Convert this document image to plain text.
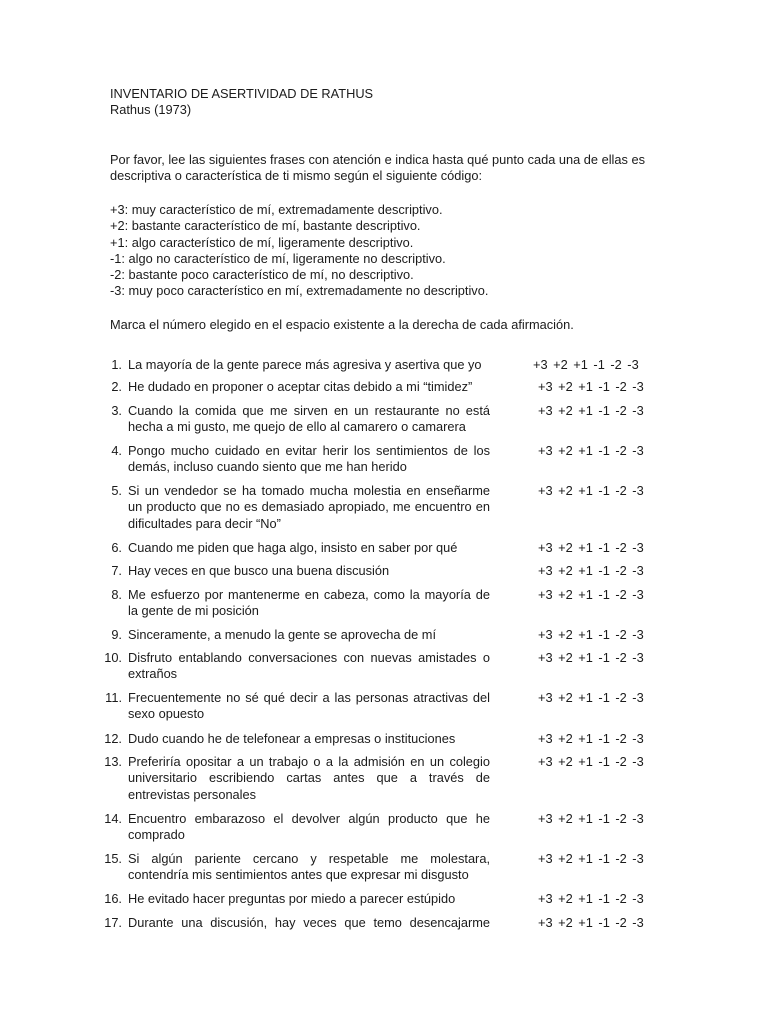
INVENTARIO DE ASERTIVIDAD DE RATHUS
Rathus (1973)

Por favor, lee las siguientes frases con atención e indica hasta qué punto cada una de ellas es descriptiva o característica de ti mismo según el siguiente código:

+3: muy característico de mí, extremadamente descriptivo.
+2: bastante característico de mí, bastante descriptivo.
+1: algo característico de mí, ligeramente descriptivo.
-1: algo no característico de mí, ligeramente no descriptivo.
-2: bastante poco característico de mí, no descriptivo.
-3: muy poco característico en mí, extremadamente no descriptivo.
Marca el número elegido en el espacio existente a la derecha de cada afirmación.
1. La mayoría de la gente parece más agresiva y asertiva que yo	+3 +2 +1 -1 -2 -3
2. He dudado en proponer o aceptar citas debido a mi “timidez”	+3 +2 +1 -1 -2 -3
3. Cuando la comida que me sirven en un restaurante no está hecha a mi gusto, me quejo de ello al camarero o camarera
+3 +2 +1 -1 -2 -3
4. Pongo mucho cuidado en evitar herir los sentimientos de los demás, incluso cuando siento que me han herido
+3 +2 +1 -1 -2 -3
5. Si un vendedor se ha tomado mucha molestia en enseñarme un producto que no es demasiado apropiado, me encuentro en dificultades para decir “No”
+3 +2 +1 -1 -2 -3
6. Cuando me piden que haga algo, insisto en saber por qué	+3 +2 +1 -1 -2 -3
7. Hay veces en que busco una buena discusión	+3 +2 +1 -1 -2 -3
8. Me esfuerzo por mantenerme en cabeza, como la mayoría de la gente de mi posición
+3 +2 +1 -1 -2 -3
9. Sinceramente, a menudo la gente se aprovecha de mí	+3 +2 +1 -1 -2 -3
10. Disfruto entablando conversaciones con nuevas amistades o extraños
+3 +2 +1 -1 -2 -3
11. Frecuentemente no sé qué decir a las personas atractivas del sexo opuesto
+3 +2 +1 -1 -2 -3
12. Dudo cuando he de telefonear a empresas o instituciones	+3 +2 +1 -1 -2 -3
13. Preferiría opositar a un trabajo o a la admisión en un colegio universitario escribiendo cartas antes que a través de entrevistas personales
+3 +2 +1 -1 -2 -3
14. Encuentro embarazoso el devolver algún producto que he comprado
+3 +2 +1 -1 -2 -3
15. Si algún pariente cercano y respetable me molestara, contendría mis sentimientos antes que expresar mi disgusto
+3 +2 +1 -1 -2 -3
16. He evitado hacer preguntas por miedo a parecer estúpido	+3 +2 +1 -1 -2 -3
17. Durante una discusión, hay veces que temo desencajarme	+3 +2 +1 -1 -2 -3
